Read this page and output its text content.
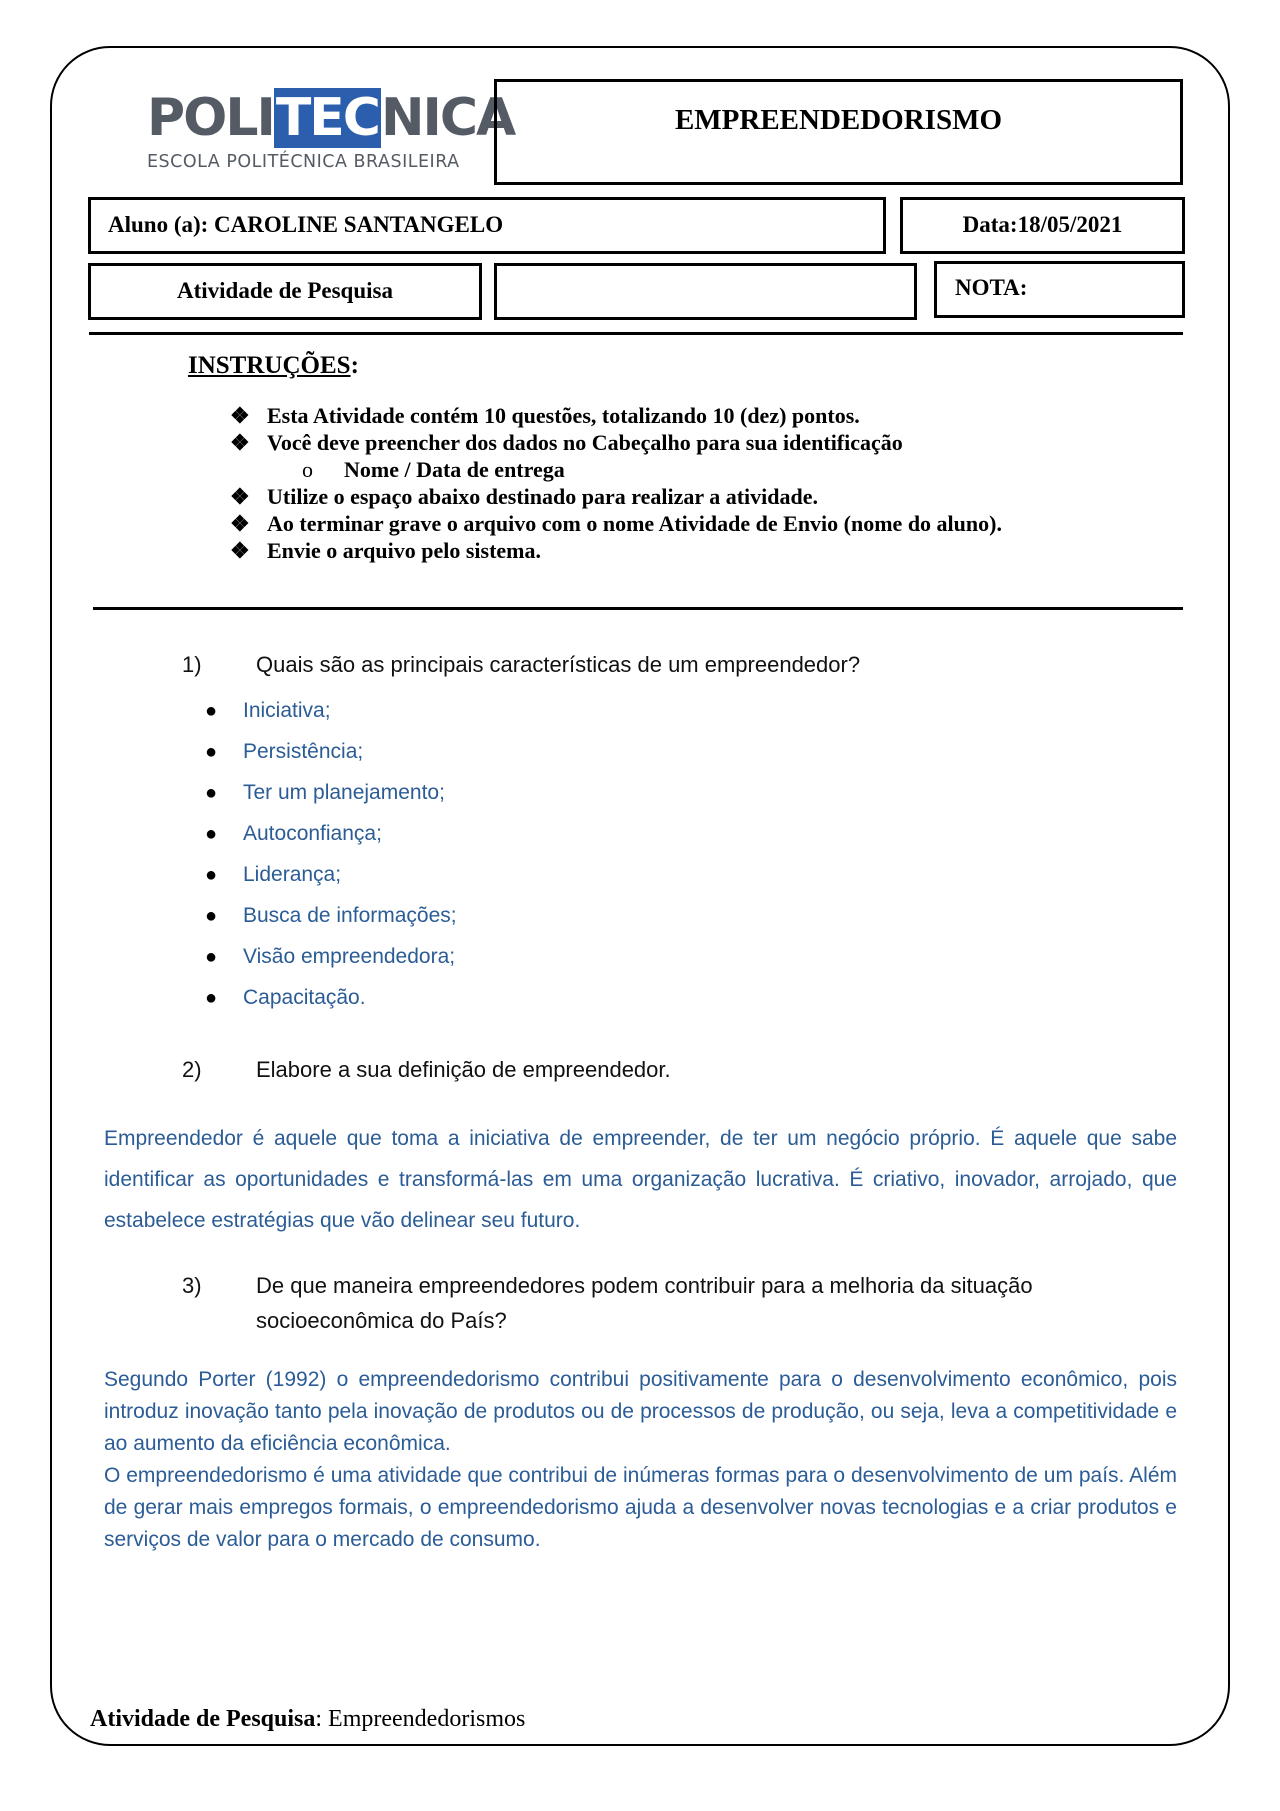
POLITECNICA
ESCOLA POLITÉCNICA BRASILEIRA
EMPREENDEDORISMO
Aluno (a): CAROLINE SANTANGELO	Data:18/05/2021
Atividade de Pesquisa	NOTA:
INSTRUÇÕES:
❖ Esta Atividade contém 10 questões, totalizando 10 (dez) pontos.
❖ Você deve preencher dos dados no Cabeçalho para sua identificação
o Nome / Data de entrega
❖ Utilize o espaço abaixo destinado para realizar a atividade.
❖ Ao terminar grave o arquivo com o nome Atividade de Envio (nome do aluno).
❖ Envie o arquivo pelo sistema.
1) Quais são as principais características de um empreendedor?
● Iniciativa;
● Persistência;
● Ter um planejamento;
● Autoconfiança;
● Liderança;
● Busca de informações;
● Visão empreendedora;
● Capacitação.
2) Elabore a sua definição de empreendedor.
Empreendedor é aquele que toma a iniciativa de empreender, de ter um negócio próprio. É aquele que sabe identificar as oportunidades e transformá-las em uma organização lucrativa. É criativo, inovador, arrojado, que estabelece estratégias que vão delinear seu futuro.
3) De que maneira empreendedores podem contribuir para a melhoria da situação
socioeconômica do País?
Segundo Porter (1992) o empreendedorismo contribui positivamente para o desenvolvimento econômico, pois introduz inovação tanto pela inovação de produtos ou de processos de produção, ou seja, leva a competitividade e ao aumento da eficiência econômica.
O empreendedorismo é uma atividade que contribui de inúmeras formas para o desenvolvimento de um país. Além de gerar mais empregos formais, o empreendedorismo ajuda a desenvolver novas tecnologias e a criar produtos e serviços de valor para o mercado de consumo.
Atividade de Pesquisa: Empreendedorismos
